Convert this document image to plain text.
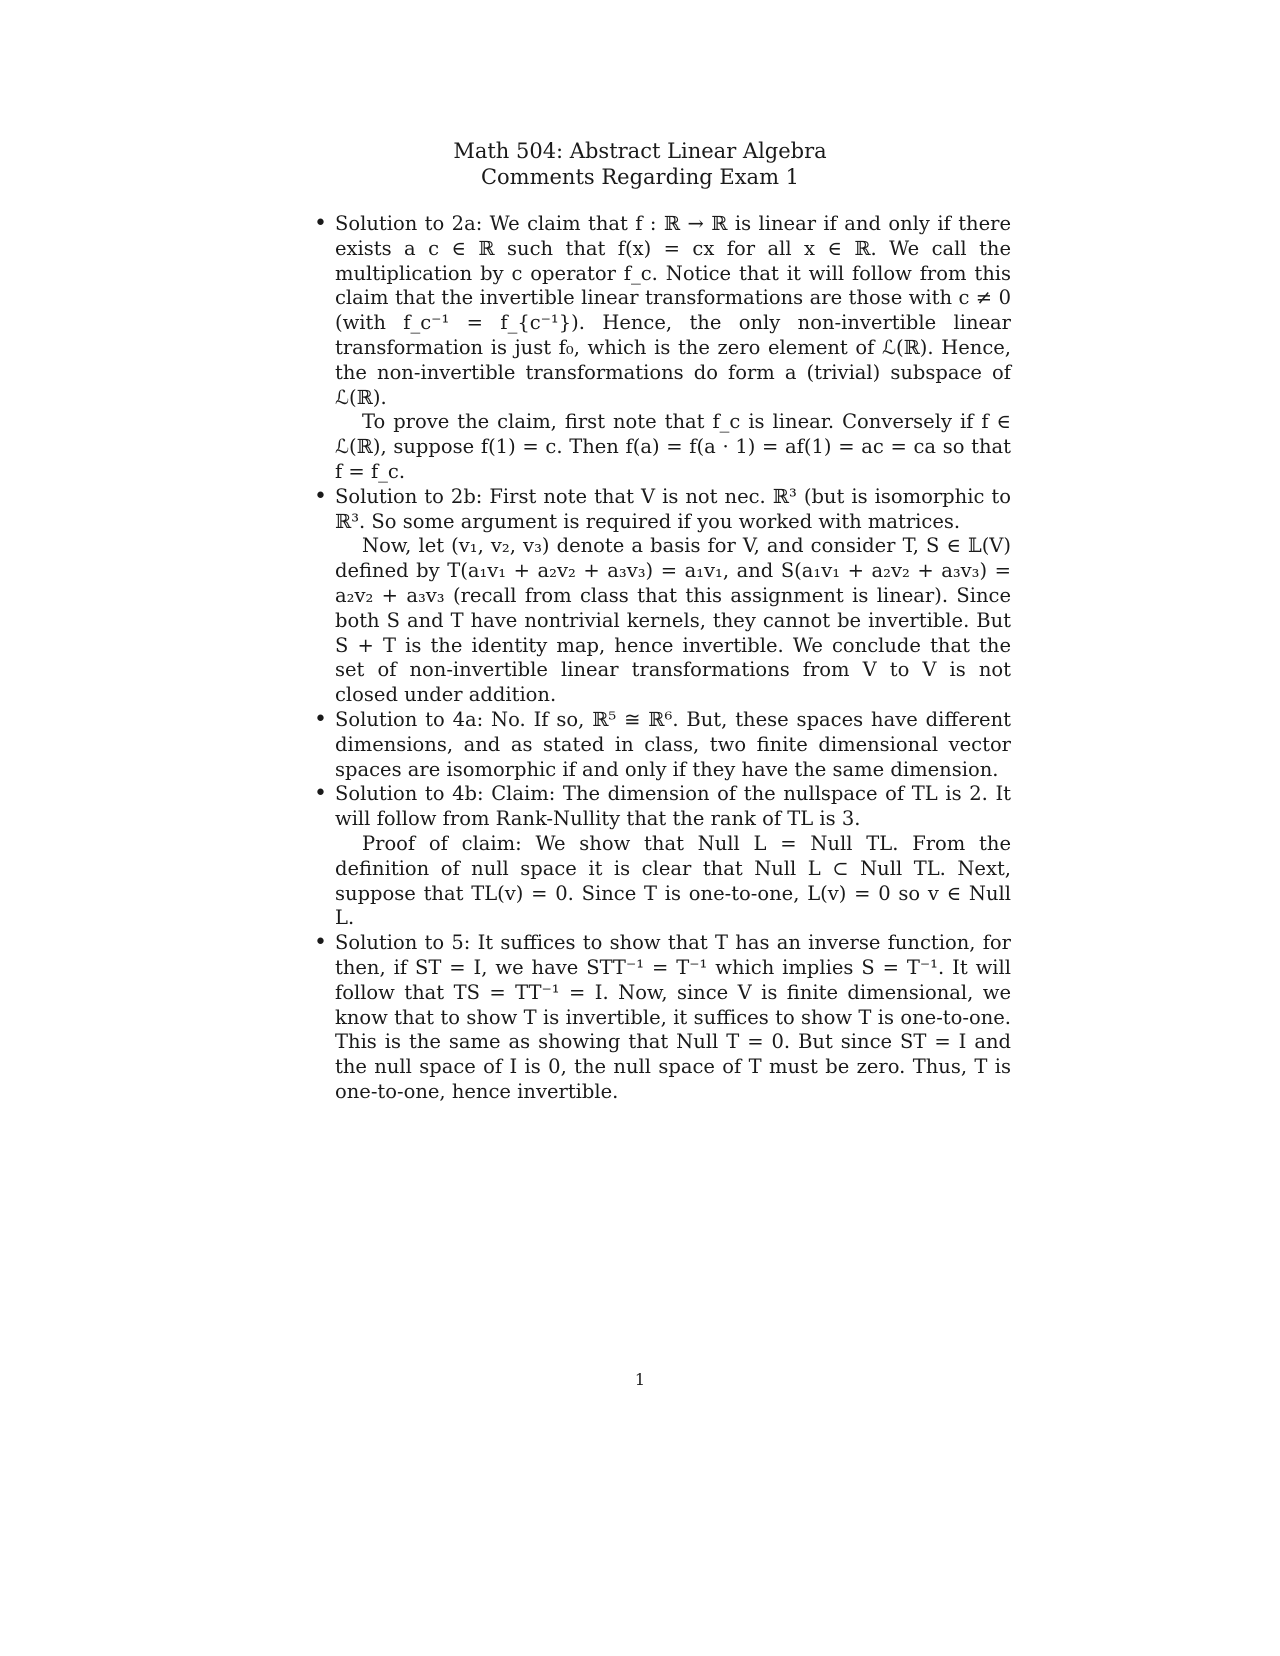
Math 504: Abstract Linear Algebra
Comments Regarding Exam 1
• Solution to 2a: We claim that f : ℝ → ℝ is linear if and only if there exists a c ∈ ℝ such that f(x) = cx for all x ∈ ℝ. We call the multiplication by c operator f_c. Notice that it will follow from this claim that the invertible linear transformations are those with c ≠ 0 (with f_c⁻¹ = f_{c⁻¹}). Hence, the only non-invertible linear transformation is just f₀, which is the zero element of ℒ(ℝ). Hence, the non-invertible transformations do form a (trivial) subspace of ℒ(ℝ).

To prove the claim, first note that f_c is linear. Conversely if f ∈ ℒ(ℝ), suppose f(1) = c. Then f(a) = f(a · 1) = af(1) = ac = ca so that f = f_c.

• Solution to 2b: First note that V is not nec. ℝ³ (but is isomorphic to ℝ³. So some argument is required if you worked with matrices.

Now, let (v₁, v₂, v₃) denote a basis for V, and consider T, S ∈ 𝕃(V) defined by T(a₁v₁ + a₂v₂ + a₃v₃) = a₁v₁, and S(a₁v₁ + a₂v₂ + a₃v₃) = a₂v₂ + a₃v₃ (recall from class that this assignment is linear). Since both S and T have nontrivial kernels, they cannot be invertible. But S + T is the identity map, hence invertible. We conclude that the set of non-invertible linear transformations from V to V is not closed under addition.

• Solution to 4a: No. If so, ℝ⁵ ≅ ℝ⁶. But, these spaces have different dimensions, and as stated in class, two finite dimensional vector spaces are isomorphic if and only if they have the same dimension.

• Solution to 4b: Claim: The dimension of the nullspace of TL is 2. It will follow from Rank-Nullity that the rank of TL is 3.

Proof of claim: We show that Null L = Null TL. From the definition of null space it is clear that Null L ⊂ Null TL. Next, suppose that TL(v) = 0. Since T is one-to-one, L(v) = 0 so v ∈ Null L.

• Solution to 5: It suffices to show that T has an inverse function, for then, if ST = I, we have STT⁻¹ = T⁻¹ which implies S = T⁻¹. It will follow that TS = TT⁻¹ = I. Now, since V is finite dimensional, we know that to show T is invertible, it suffices to show T is one-to-one. This is the same as showing that Null T = 0. But since ST = I and the null space of I is 0, the null space of T must be zero. Thus, T is one-to-one, hence invertible.

1
